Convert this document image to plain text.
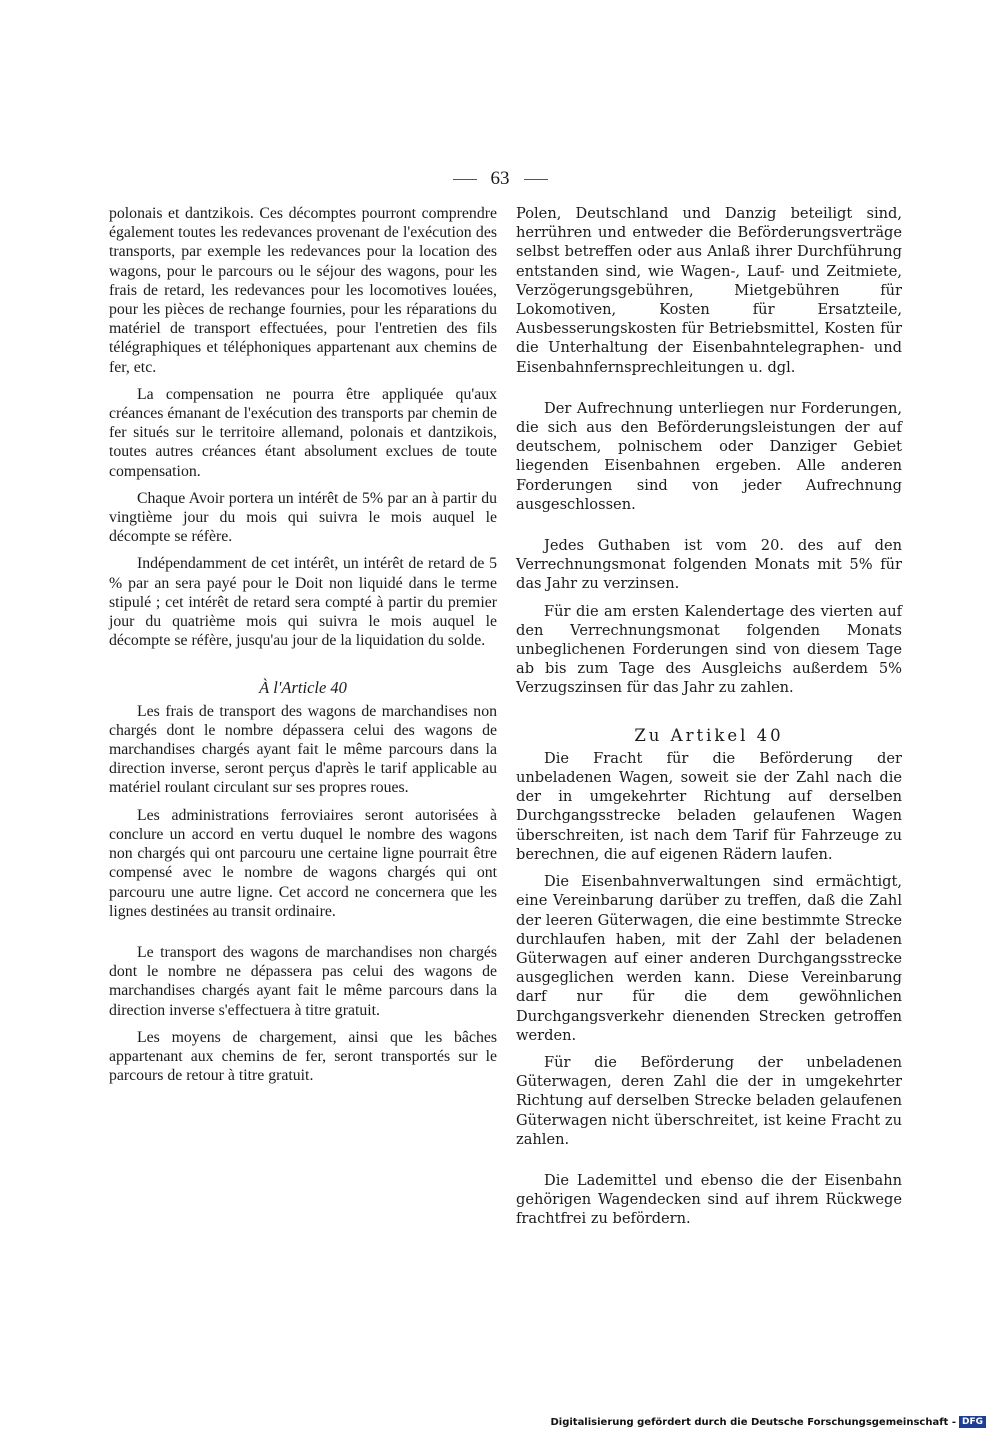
63

polonais et dantzikois. Ces décomptes pourront comprendre également toutes les redevances provenant de l'exécution des transports, par exemple les redevances pour la location des wagons, pour le parcours ou le séjour des wagons, pour les frais de retard, les redevances pour les locomotives louées, pour les pièces de rechange fournies, pour les réparations du matériel de transport effectuées, pour l'entretien des fils télégraphiques et téléphoniques appartenant aux chemins de fer, etc.

La compensation ne pourra être appliquée qu'aux créances émanant de l'exécution des transports par chemin de fer situés sur le territoire allemand, polonais et dantzikois, toutes autres créances étant absolument exclues de toute compensation.

Chaque Avoir portera un intérêt de 5% par an à partir du vingtième jour du mois qui suivra le mois auquel le décompte se réfère.

Indépendamment de cet intérêt, un intérêt de retard de 5 % par an sera payé pour le Doit non liquidé dans le terme stipulé ; cet intérêt de retard sera compté à partir du premier jour du quatrième mois qui suivra le mois auquel le décompte se réfère, jusqu'au jour de la liquidation du solde.

À l'Article 40

Les frais de transport des wagons de marchandises non chargés dont le nombre dépassera celui des wagons de marchandises chargés ayant fait le même parcours dans la direction inverse, seront perçus d'après le tarif applicable au matériel roulant circulant sur ses propres roues.

Les administrations ferroviaires seront autorisées à conclure un accord en vertu duquel le nombre des wagons non chargés qui ont parcouru une certaine ligne pourrait être compensé avec le nombre de wagons chargés qui ont parcouru une autre ligne. Cet accord ne concernera que les lignes destinées au transit ordinaire.

Le transport des wagons de marchandises non chargés dont le nombre ne dépassera pas celui des wagons de marchandises chargés ayant fait le même parcours dans la direction inverse s'effectuera à titre gratuit.

Les moyens de chargement, ainsi que les bâches appartenant aux chemins de fer, seront transportés sur le parcours de retour à titre gratuit.

Polen, Deutschland und Danzig beteiligt sind, herrühren und entweder die Beförderungsverträge selbst betreffen oder aus Anlaß ihrer Durchführung entstanden sind, wie Wagen-, Lauf- und Zeitmiete, Verzögerungsgebühren, Mietgebühren für Lokomotiven, Kosten für Ersatzteile, Ausbesserungskosten für Betriebsmittel, Kosten für die Unterhaltung der Eisenbahntelegraphen- und Eisenbahnfernsprechleitungen u. dgl.

Der Aufrechnung unterliegen nur Forderungen, die sich aus den Beförderungsleistungen der auf deutschem, polnischem oder Danziger Gebiet liegenden Eisenbahnen ergeben. Alle anderen Forderungen sind von jeder Aufrechnung ausgeschlossen.

Jedes Guthaben ist vom 20. des auf den Verrechnungsmonat folgenden Monats mit 5% für das Jahr zu verzinsen.

Für die am ersten Kalendertage des vierten auf den Verrechnungsmonat folgenden Monats unbeglichenen Forderungen sind von diesem Tage ab bis zum Tage des Ausgleichs außerdem 5% Verzugszinsen für das Jahr zu zahlen.

Zu Artikel 40

Die Fracht für die Beförderung der unbeladenen Wagen, soweit sie der Zahl nach die der in umgekehrter Richtung auf derselben Durchgangsstrecke beladen gelaufenen Wagen überschreiten, ist nach dem Tarif für Fahrzeuge zu berechnen, die auf eigenen Rädern laufen.

Die Eisenbahnverwaltungen sind ermächtigt, eine Vereinbarung darüber zu treffen, daß die Zahl der leeren Güterwagen, die eine bestimmte Strecke durchlaufen haben, mit der Zahl der beladenen Güterwagen auf einer anderen Durchgangsstrecke ausgeglichen werden kann. Diese Vereinbarung darf nur für die dem gewöhnlichen Durchgangsverkehr dienenden Strecken getroffen werden.

Für die Beförderung der unbeladenen Güterwagen, deren Zahl die der in umgekehrter Richtung auf derselben Strecke beladen gelaufenen Güterwagen nicht überschreitet, ist keine Fracht zu zahlen.

Die Lademittel und ebenso die der Eisenbahn gehörigen Wagendecken sind auf ihrem Rückwege frachtfrei zu befördern.

Digitalisierung gefördert durch die Deutsche Forschungsgemeinschaft - DFG
